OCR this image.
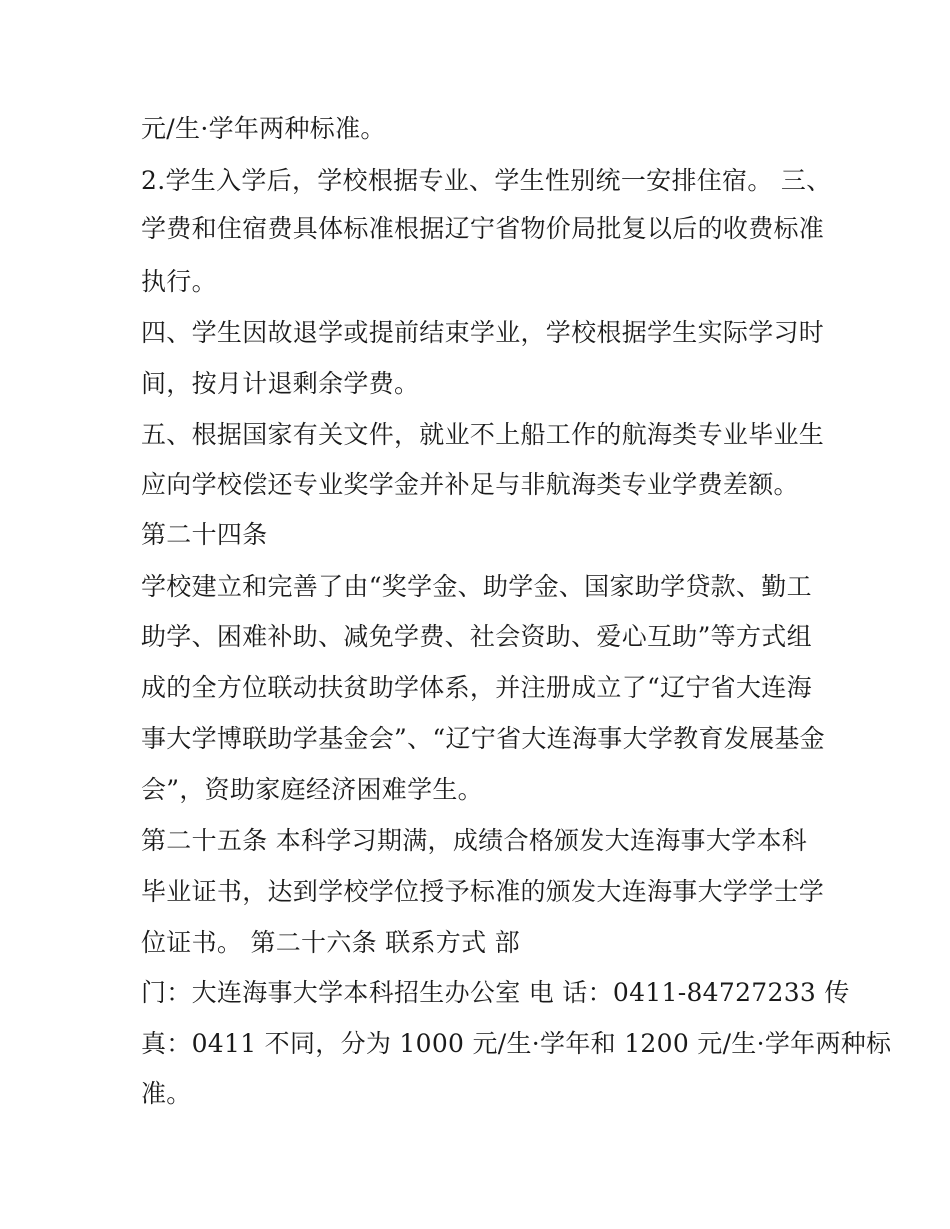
元/生·学年两种标准。
2.学生入学后，学校根据专业、学生性别统一安排住宿。 三、
学费和住宿费具体标准根据辽宁省物价局批复以后的收费标准
执行。
四、学生因故退学或提前结束学业，学校根据学生实际学习时
间，按月计退剩余学费。
五、根据国家有关文件，就业不上船工作的航海类专业毕业生
应向学校偿还专业奖学金并补足与非航海类专业学费差额。
第二十四条
学校建立和完善了由“奖学金、助学金、国家助学贷款、勤工
助学、困难补助、减免学费、社会资助、爱心互助”等方式组
成的全方位联动扶贫助学体系，并注册成立了“辽宁省大连海
事大学博联助学基金会”、“辽宁省大连海事大学教育发展基金
会”，资助家庭经济困难学生。
第二十五条 本科学习期满，成绩合格颁发大连海事大学本科
毕业证书，达到学校学位授予标准的颁发大连海事大学学士学
位证书。 第二十六条 联系方式 部
门：大连海事大学本科招生办公室 电 话：0411-84727233 传
真：0411 不同，分为 1000 元/生·学年和 1200 元/生·学年两种标
准。
